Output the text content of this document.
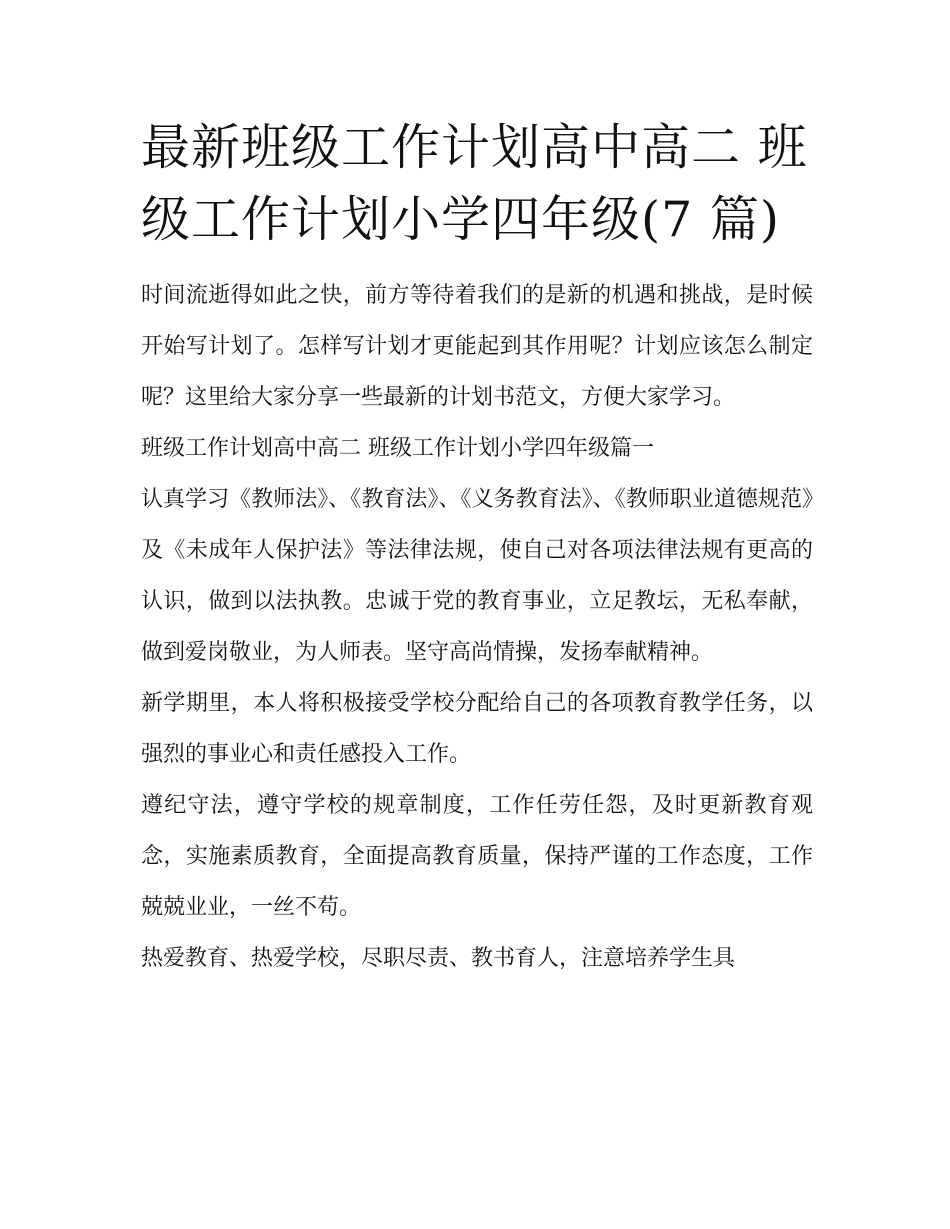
最新班级工作计划高中高二 班级工作计划小学四年级(7 篇)

时间流逝得如此之快，前方等待着我们的是新的机遇和挑战，是时候开始写计划了。怎样写计划才更能起到其作用呢？计划应该怎么制定呢？这里给大家分享一些最新的计划书范文，方便大家学习。

班级工作计划高中高二 班级工作计划小学四年级篇一

认真学习《教师法》、《教育法》、《义务教育法》、《教师职业道德规范》及《未成年人保护法》等法律法规，使自己对各项法律法规有更高的认识，做到以法执教。忠诚于党的教育事业，立足教坛，无私奉献，做到爱岗敬业，为人师表。坚守高尚情操，发扬奉献精神。

新学期里，本人将积极接受学校分配给自己的各项教育教学任务，以强烈的事业心和责任感投入工作。

遵纪守法，遵守学校的规章制度，工作任劳任怨，及时更新教育观念，实施素质教育，全面提高教育质量，保持严谨的工作态度，工作兢兢业业，一丝不苟。

热爱教育、热爱学校，尽职尽责、教书育人，注意培养学生具
